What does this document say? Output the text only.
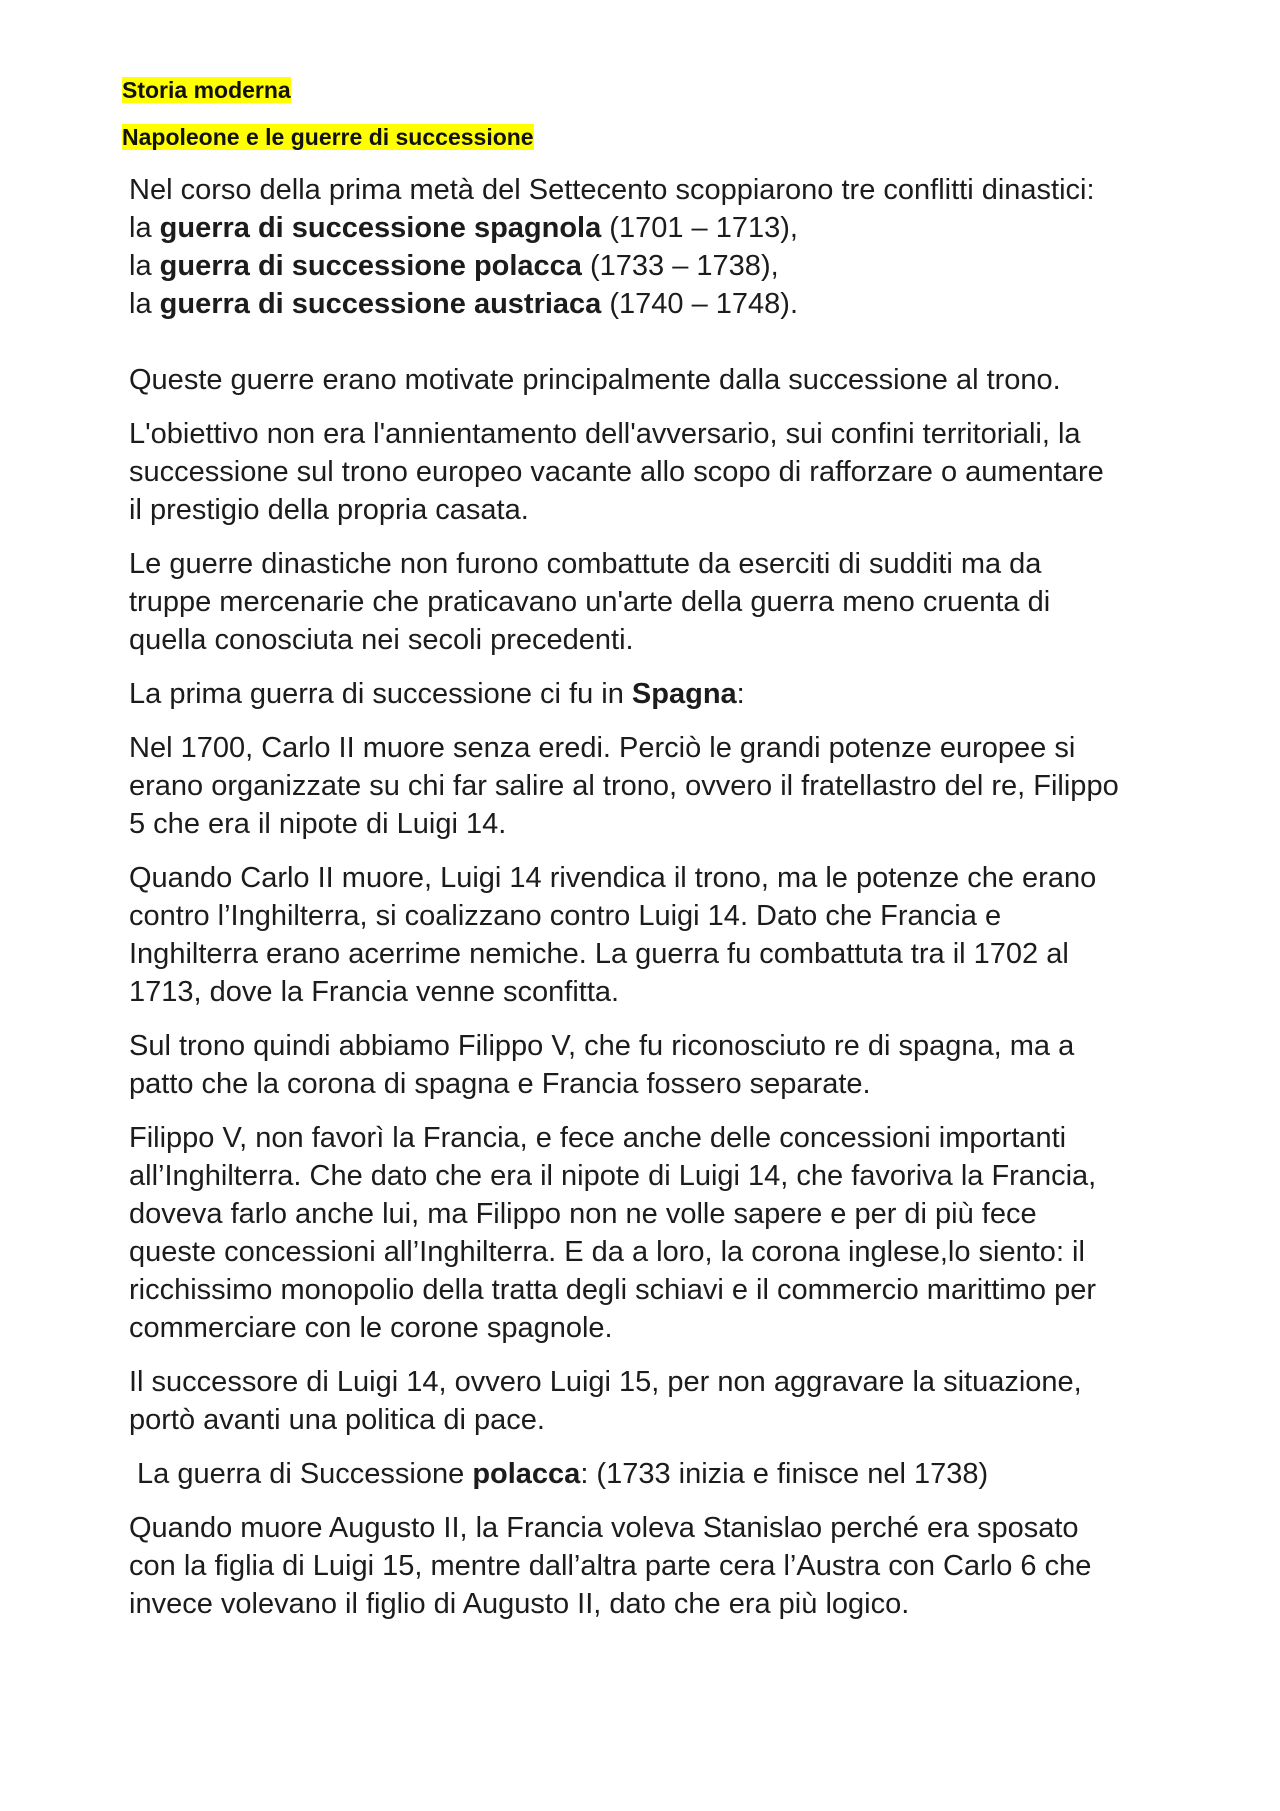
Storia moderna
Napoleone e le guerre di successione

Nel corso della prima metà del Settecento scoppiarono tre conflitti dinastici:
la guerra di successione spagnola (1701 – 1713),
la guerra di successione polacca (1733 – 1738),
la guerra di successione austriaca (1740 – 1748).

Queste guerre erano motivate principalmente dalla successione al trono.

L'obiettivo non era l'annientamento dell'avversario, sui confini territoriali, la
successione sul trono europeo vacante allo scopo di rafforzare o aumentare
il prestigio della propria casata.

Le guerre dinastiche non furono combattute da eserciti di sudditi ma da
truppe mercenarie che praticavano un'arte della guerra meno cruenta di
quella conosciuta nei secoli precedenti.

La prima guerra di successione ci fu in Spagna:

Nel 1700, Carlo II muore senza eredi. Perciò le grandi potenze europee si
erano organizzate su chi far salire al trono, ovvero il fratellastro del re, Filippo
5 che era il nipote di Luigi 14.

Quando Carlo II muore, Luigi 14 rivendica il trono, ma le potenze che erano
contro l’Inghilterra, si coalizzano contro Luigi 14. Dato che Francia e
Inghilterra erano acerrime nemiche. La guerra fu combattuta tra il 1702 al
1713, dove la Francia venne sconfitta.

Sul trono quindi abbiamo Filippo V, che fu riconosciuto re di spagna, ma a
patto che la corona di spagna e Francia fossero separate.

Filippo V, non favorì la Francia, e fece anche delle concessioni importanti
all’Inghilterra. Che dato che era il nipote di Luigi 14, che favoriva la Francia,
doveva farlo anche lui, ma Filippo non ne volle sapere e per di più fece
queste concessioni all’Inghilterra. E da a loro, la corona inglese,lo siento: il
ricchissimo monopolio della tratta degli schiavi e il commercio marittimo per
commerciare con le corone spagnole.

Il successore di Luigi 14, ovvero Luigi 15, per non aggravare la situazione,
portò avanti una politica di pace.

La guerra di Successione polacca: (1733 inizia e finisce nel 1738)

Quando muore Augusto II, la Francia voleva Stanislao perché era sposato
con la figlia di Luigi 15, mentre dall’altra parte cera l’Austra con Carlo 6 che
invece volevano il figlio di Augusto II, dato che era più logico.
